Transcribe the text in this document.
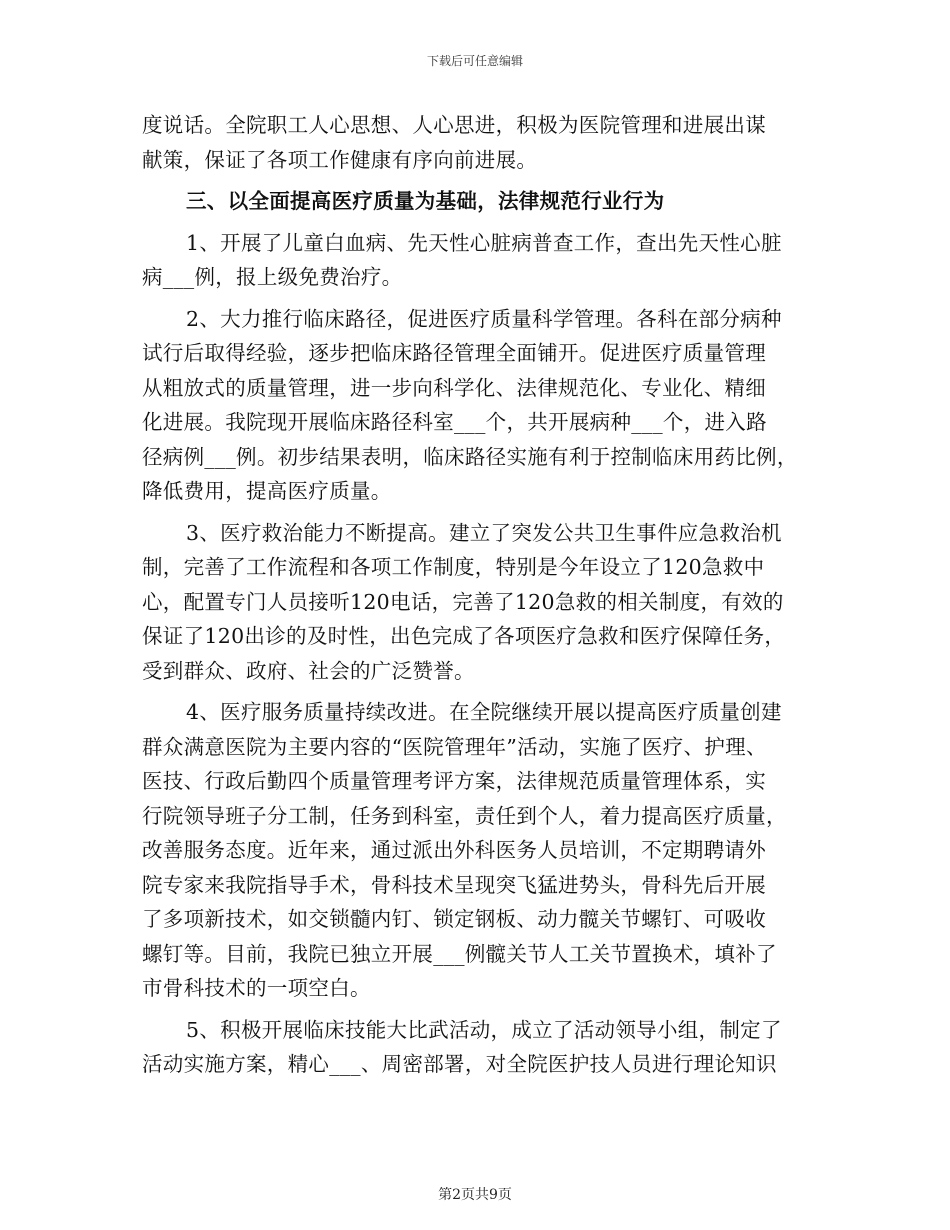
下载后可任意编辑
度说话。全院职工人心思想、人心思进，积极为医院管理和进展出谋
献策，保证了各项工作健康有序向前进展。
三、以全面提高医疗质量为基础，法律规范行业行为
1、开展了儿童白血病、先天性心脏病普查工作，查出先天性心脏
病___例，报上级免费治疗。
2、大力推行临床路径，促进医疗质量科学管理。各科在部分病种
试行后取得经验，逐步把临床路径管理全面铺开。促进医疗质量管理
从粗放式的质量管理，进一步向科学化、法律规范化、专业化、精细
化进展。我院现开展临床路径科室___个，共开展病种___个，进入路
径病例___例。初步结果表明，临床路径实施有利于控制临床用药比例，
降低费用，提高医疗质量。
3、医疗救治能力不断提高。建立了突发公共卫生事件应急救治机
制，完善了工作流程和各项工作制度，特别是今年设立了120急救中
心，配置专门人员接听120电话，完善了120急救的相关制度，有效的
保证了120出诊的及时性，出色完成了各项医疗急救和医疗保障任务，
受到群众、政府、社会的广泛赞誉。
4、医疗服务质量持续改进。在全院继续开展以提高医疗质量创建
群众满意医院为主要内容的“医院管理年”活动，实施了医疗、护理、
医技、行政后勤四个质量管理考评方案，法律规范质量管理体系，实
行院领导班子分工制，任务到科室，责任到个人，着力提高医疗质量，
改善服务态度。近年来，通过派出外科医务人员培训，不定期聘请外
院专家来我院指导手术，骨科技术呈现突飞猛进势头，骨科先后开展
了多项新技术，如交锁髓内钉、锁定钢板、动力髋关节螺钉、可吸收
螺钉等。目前，我院已独立开展___例髋关节人工关节置换术，填补了
市骨科技术的一项空白。
5、积极开展临床技能大比武活动，成立了活动领导小组，制定了
活动实施方案，精心___、周密部署，对全院医护技人员进行理论知识
第2页共9页
